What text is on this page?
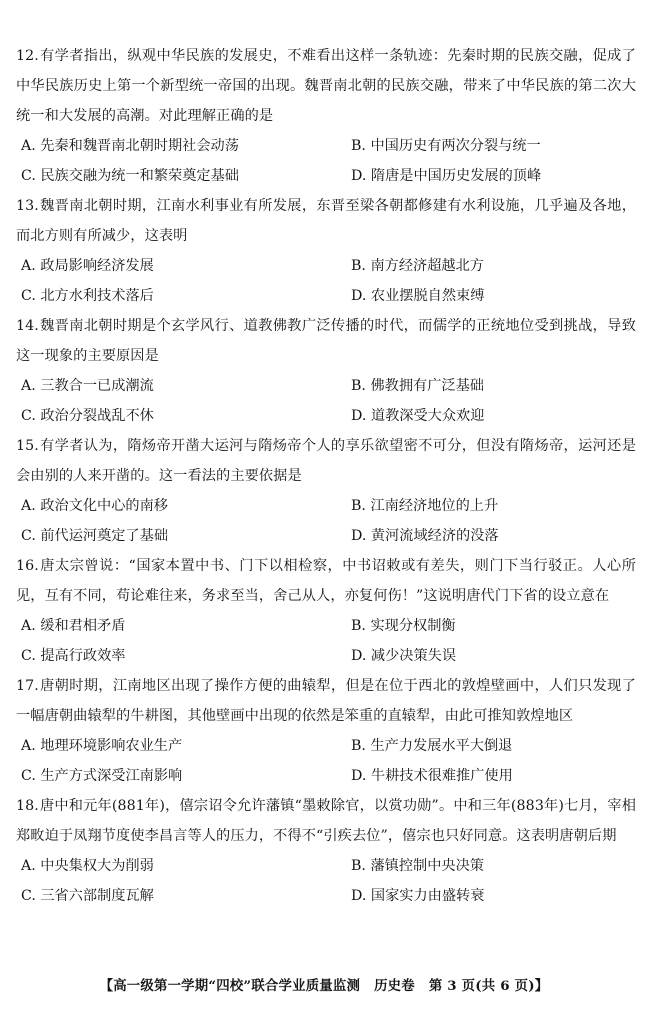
12.有学者指出，纵观中华民族的发展史，不难看出这样一条轨迹：先秦时期的民族交融，促成了中华民族历史上第一个新型统一帝国的出现。魏晋南北朝的民族交融，带来了中华民族的第二次大统一和大发展的高潮。对此理解正确的是

A. 先秦和魏晋南北朝时期社会动荡	B. 中国历史有两次分裂与统一
C. 民族交融为统一和繁荣奠定基础	D. 隋唐是中国历史发展的顶峰

13.魏晋南北朝时期，江南水利事业有所发展，东晋至梁各朝都修建有水利设施，几乎遍及各地，而北方则有所减少，这表明

A. 政局影响经济发展	B. 南方经济超越北方
C. 北方水利技术落后	D. 农业摆脱自然束缚

14.魏晋南北朝时期是个玄学风行、道教佛教广泛传播的时代，而儒学的正统地位受到挑战，导致这一现象的主要原因是

A. 三教合一已成潮流	B. 佛教拥有广泛基础
C. 政治分裂战乱不休	D. 道教深受大众欢迎

15.有学者认为，隋炀帝开凿大运河与隋炀帝个人的享乐欲望密不可分，但没有隋炀帝，运河还是会由别的人来开凿的。这一看法的主要依据是

A. 政治文化中心的南移	B. 江南经济地位的上升
C. 前代运河奠定了基础	D. 黄河流域经济的没落

16.唐太宗曾说：“国家本置中书、门下以相检察，中书诏敕或有差失，则门下当行驳正。人心所见，互有不同，苟论难往来，务求至当，舍己从人，亦复何伤！”这说明唐代门下省的设立意在

A. 缓和君相矛盾	B. 实现分权制衡
C. 提高行政效率	D. 减少决策失误

17.唐朝时期，江南地区出现了操作方便的曲辕犁，但是在位于西北的敦煌壁画中，人们只发现了一幅唐朝曲辕犁的牛耕图，其他壁画中出现的依然是笨重的直辕犁，由此可推知敦煌地区

A. 地理环境影响农业生产	B. 生产力发展水平大倒退
C. 生产方式深受江南影响	D. 牛耕技术很难推广使用

18.唐中和元年(881年)，僖宗诏令允许藩镇“墨敕除官，以赏功勋”。中和三年(883年)七月，宰相郑畋迫于凤翔节度使李昌言等人的压力，不得不“引疾去位”，僖宗也只好同意。这表明唐朝后期

A. 中央集权大为削弱	B. 藩镇控制中央决策
C. 三省六部制度瓦解	D. 国家实力由盛转衰
【高一级第一学期“四校”联合学业质量监测 历史卷 第 3 页(共 6 页)】
